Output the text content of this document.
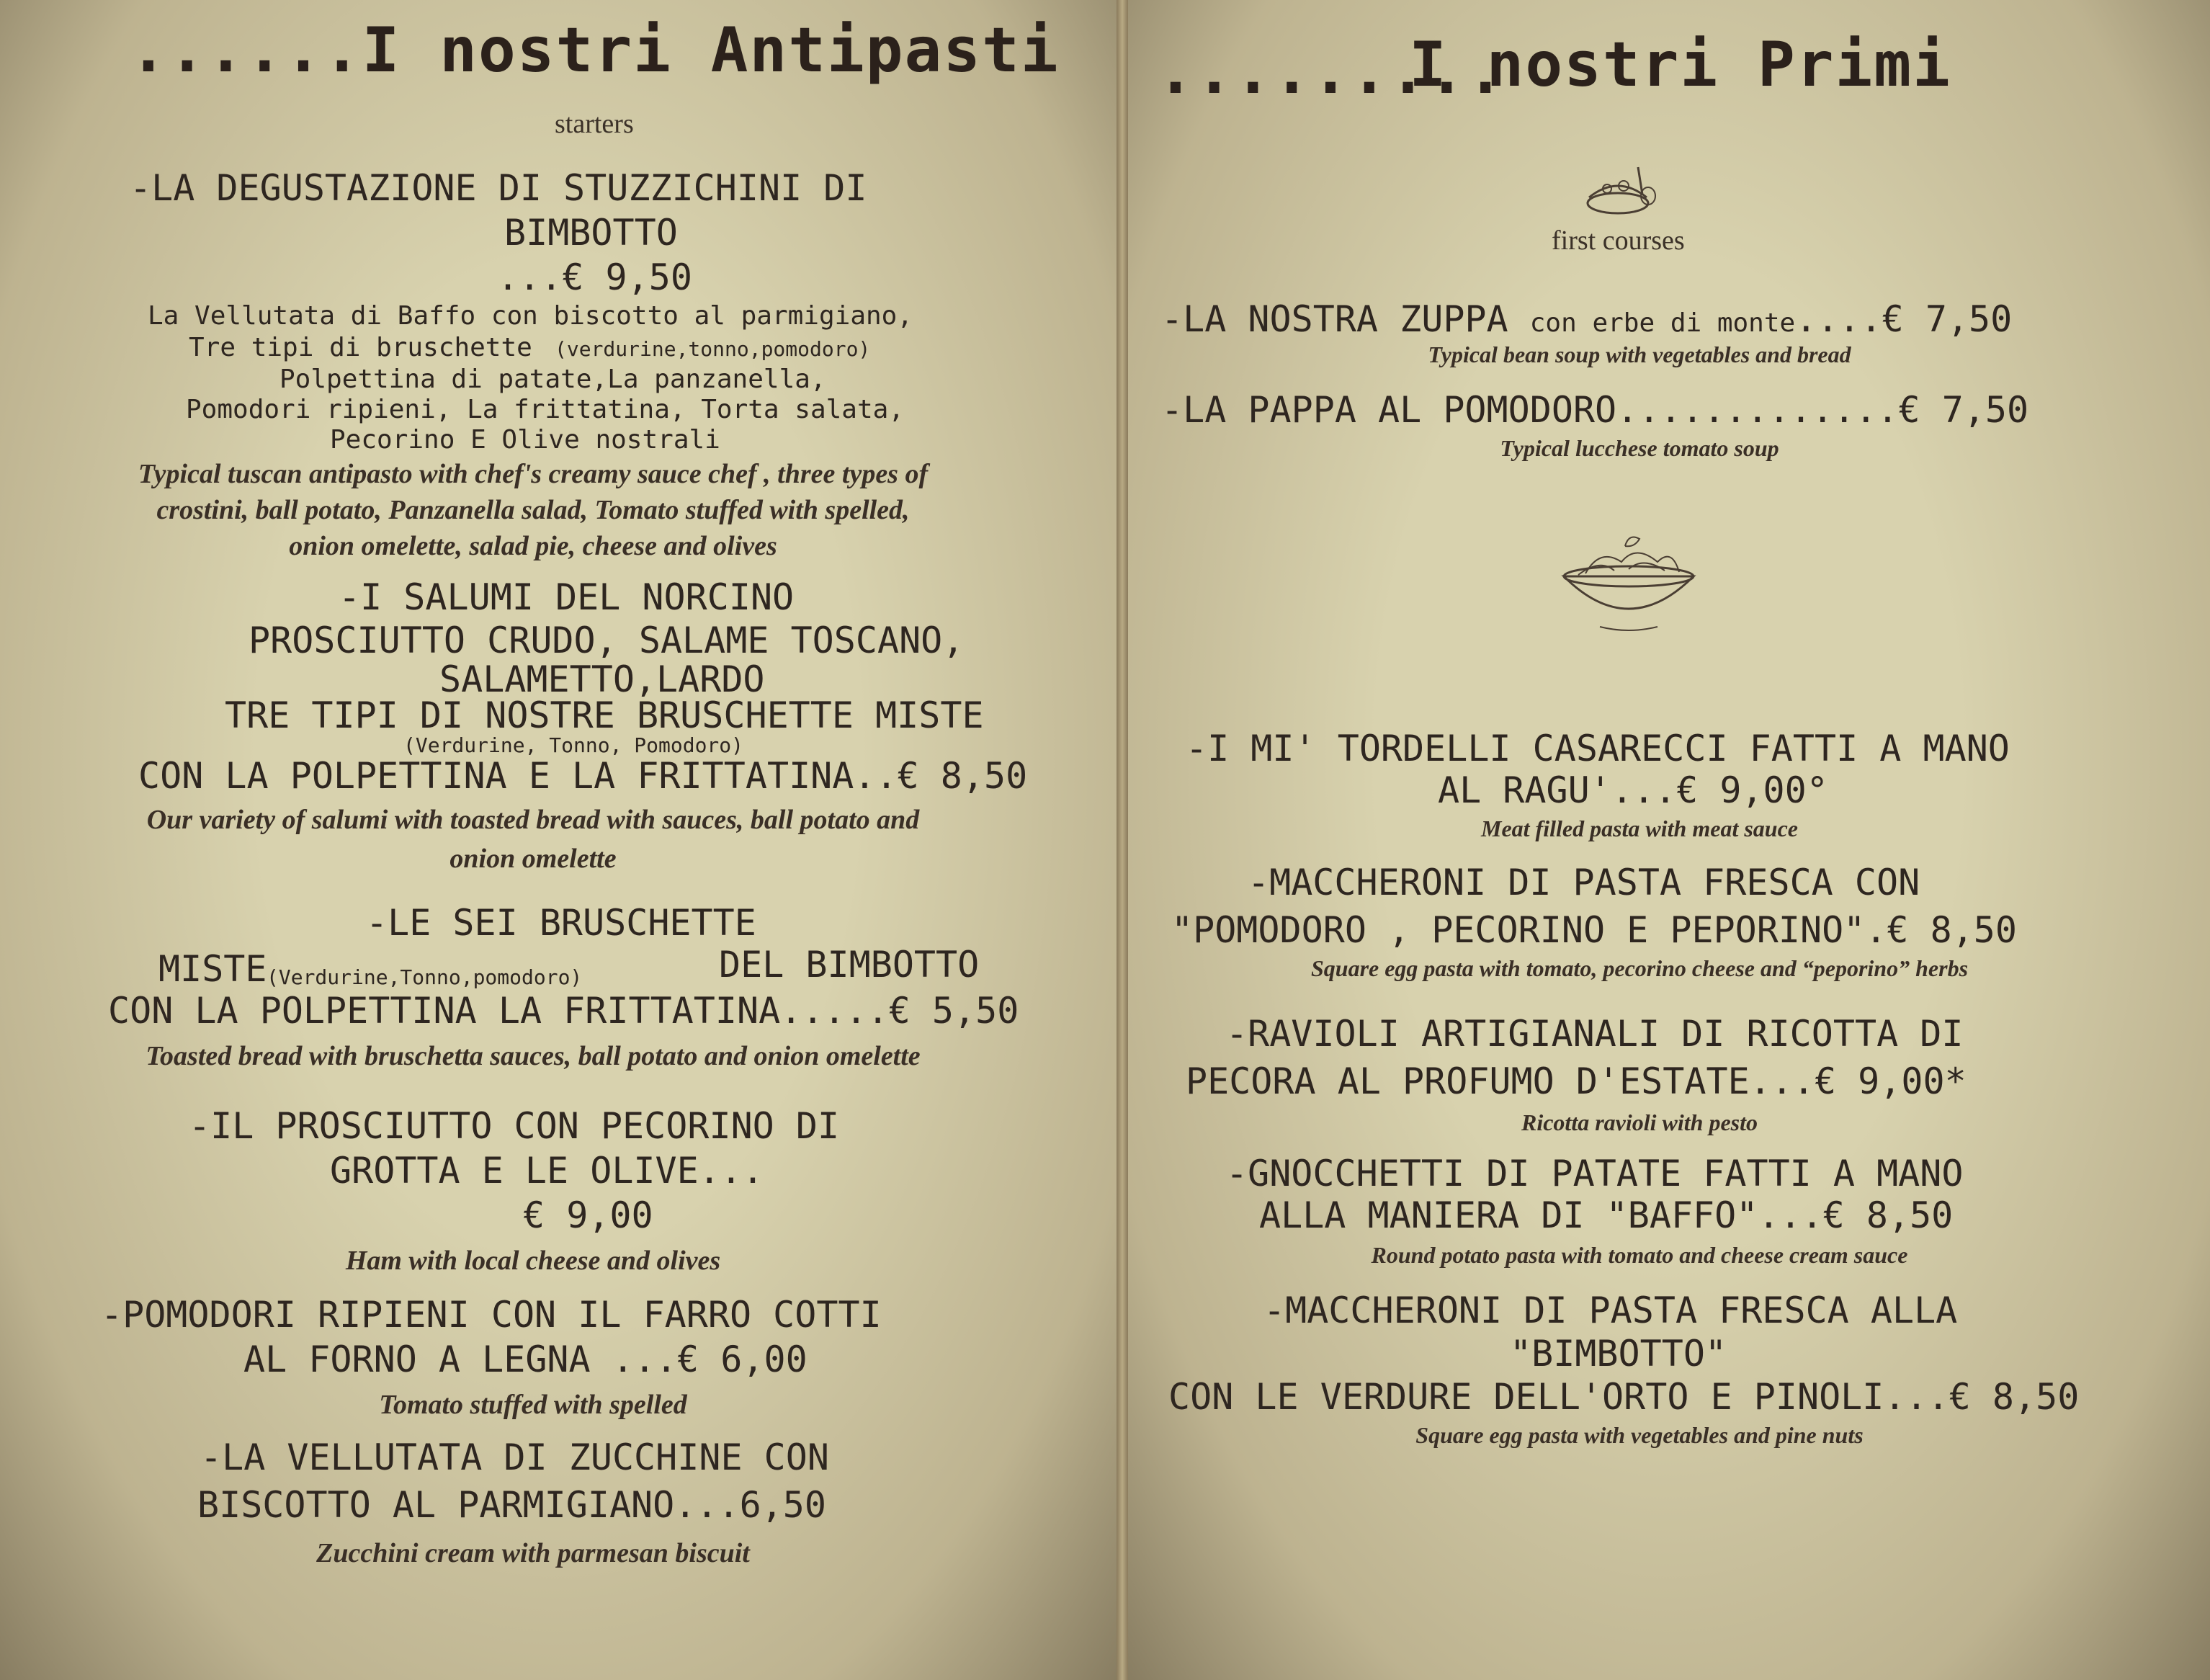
......I nostri Antipasti
starters
-LA DEGUSTAZIONE DI STUZZICHINI DI
BIMBOTTO
...€ 9,50
La Vellutata di Baffo con biscotto al parmigiano,
Tre tipi di bruschette (verdurine,tonno,pomodoro)
Polpettina di patate,La panzanella,
Pomodori ripieni, La frittatina, Torta salata,
Pecorino E Olive nostrali
Typical tuscan antipasto with chef's creamy sauce chef , three types of
crostini, ball potato, Panzanella salad, Tomato stuffed with spelled,
onion omelette, salad pie, cheese and olives
-I SALUMI DEL NORCINO
PROSCIUTTO CRUDO, SALAME TOSCANO,
SALAMETTO,LARDO
TRE TIPI DI NOSTRE BRUSCHETTE MISTE
(Verdurine, Tonno, Pomodoro)
CON LA POLPETTINA E LA FRITTATINA..€ 8,50
Our variety of salumi with toasted bread with sauces, ball potato and
onion omelette
-LE SEI BRUSCHETTE
MISTE (Verdurine,Tonno,pomodoro)	DEL BIMBOTTO
CON LA POLPETTINA LA FRITTATINA.....€ 5,50
Toasted bread with bruschetta sauces, ball potato and onion omelette
-IL PROSCIUTTO CON PECORINO DI
GROTTA E LE OLIVE...
€ 9,00
Ham with local cheese and olives
-POMODORI RIPIENI CON IL FARRO COTTI
AL FORNO A LEGNA ...€ 6,00
Tomato stuffed with spelled
-LA VELLUTATA DI ZUCCHINE CON
BISCOTTO AL PARMIGIANO...6,50
Zucchini cream with parmesan biscuit
.........
I nostri Primi
first courses
-LA NOSTRA ZUPPA con erbe di monte....€ 7,50
Typical bean soup with vegetables and bread
-LA PAPPA AL POMODORO.............€ 7,50
Typical lucchese tomato soup
-I MI' TORDELLI CASARECCI FATTI A MANO
AL RAGU'...€ 9,00°
Meat filled pasta with meat sauce
-MACCHERONI DI PASTA FRESCA CON
"POMODORO , PECORINO E PEPORINO".€ 8,50
Square egg pasta with tomato, pecorino cheese and “peporino” herbs
-RAVIOLI ARTIGIANALI DI RICOTTA DI
PECORA AL PROFUMO D'ESTATE...€ 9,00*
Ricotta ravioli with pesto
-GNOCCHETTI DI PATATE FATTI A MANO
ALLA MANIERA DI "BAFFO"...€ 8,50
Round potato pasta with tomato and cheese cream sauce
-MACCHERONI DI PASTA FRESCA ALLA
"BIMBOTTO"
CON LE VERDURE DELL'ORTO E PINOLI...€ 8,50
Square egg pasta with vegetables and pine nuts
